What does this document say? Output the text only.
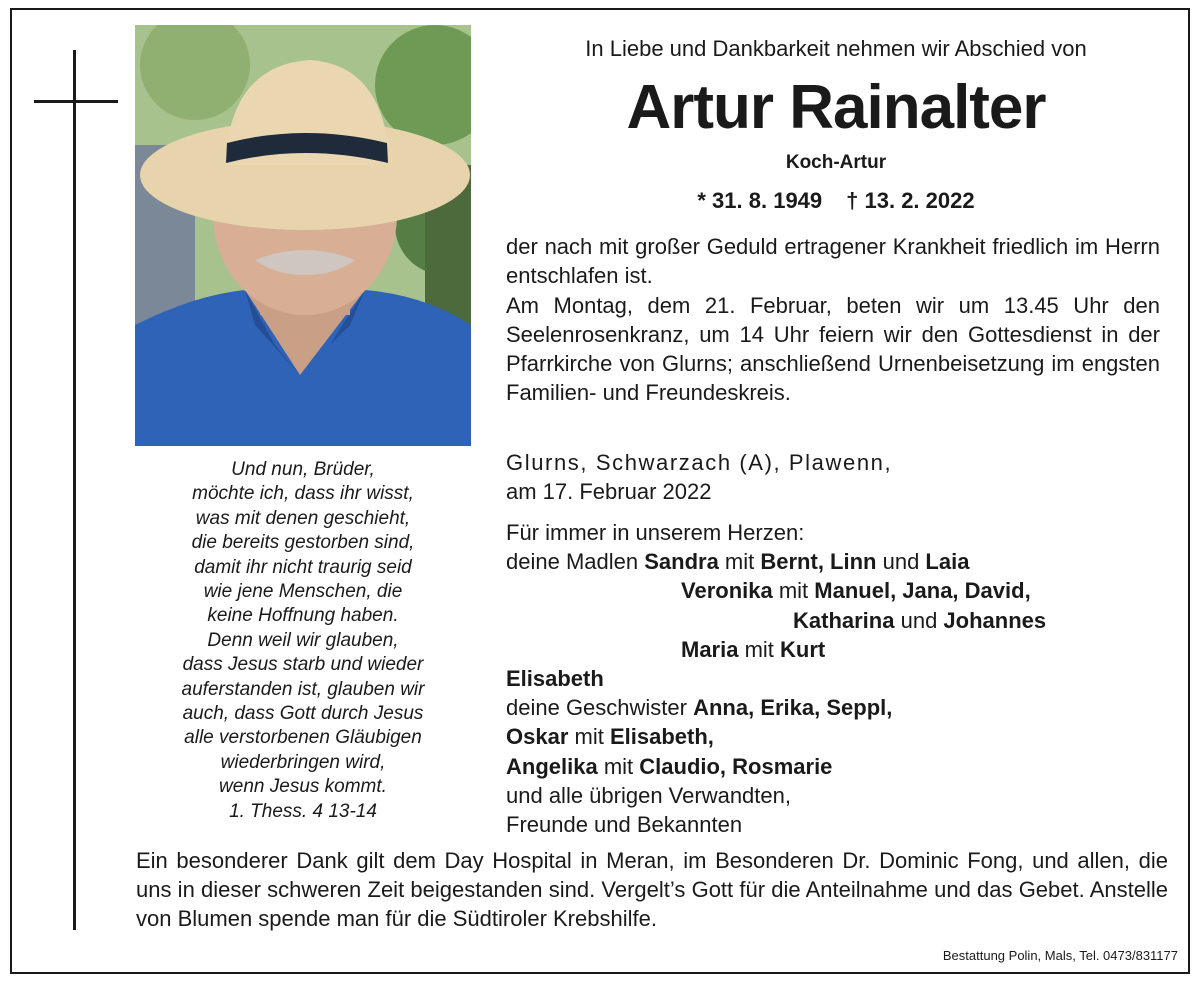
Und nun, Brüder,
möchte ich, dass ihr wisst,
was mit denen geschieht,
die bereits gestorben sind,
damit ihr nicht traurig seid
wie jene Menschen, die
keine Hoffnung haben.
Denn weil wir glauben,
dass Jesus starb und wieder
auferstanden ist, glauben wir
auch, dass Gott durch Jesus
alle verstorbenen Gläubigen
wiederbringen wird,
wenn Jesus kommt.
1. Thess. 4 13-14
In Liebe und Dankbarkeit nehmen wir Abschied von
Artur Rainalter
Koch-Artur
* 31. 8. 1949 † 13. 2. 2022

der nach mit großer Geduld ertragener Krankheit friedlich im Herrn entschlafen ist.

Am Montag, dem 21. Februar, beten wir um 13.45 Uhr den Seelenrosenkranz, um 14 Uhr feiern wir den Gottesdienst in der Pfarrkirche von Glurns; anschließend Urnenbeisetzung im engsten Familien- und Freundeskreis.

Glurns, Schwarzach (A), Plawenn,
am 17. Februar 2022
Für immer in unserem Herzen:
deine Madlen Sandra mit Bernt, Linn und Laia
Veronika mit Manuel, Jana, David,
Katharina und Johannes
Maria mit Kurt
Elisabeth
deine Geschwister Anna, Erika, Seppl,
Oskar mit Elisabeth,
Angelika mit Claudio, Rosmarie
und alle übrigen Verwandten,
Freunde und Bekannten
Ein besonderer Dank gilt dem Day Hospital in Meran, im Besonderen Dr. Dominic Fong, und allen, die uns in dieser schweren Zeit beigestanden sind. Vergelt’s Gott für die Anteilnahme und das Gebet. Anstelle von Blumen spende man für die Südtiroler Krebshilfe.
Bestattung Polin, Mals, Tel. 0473/831177
